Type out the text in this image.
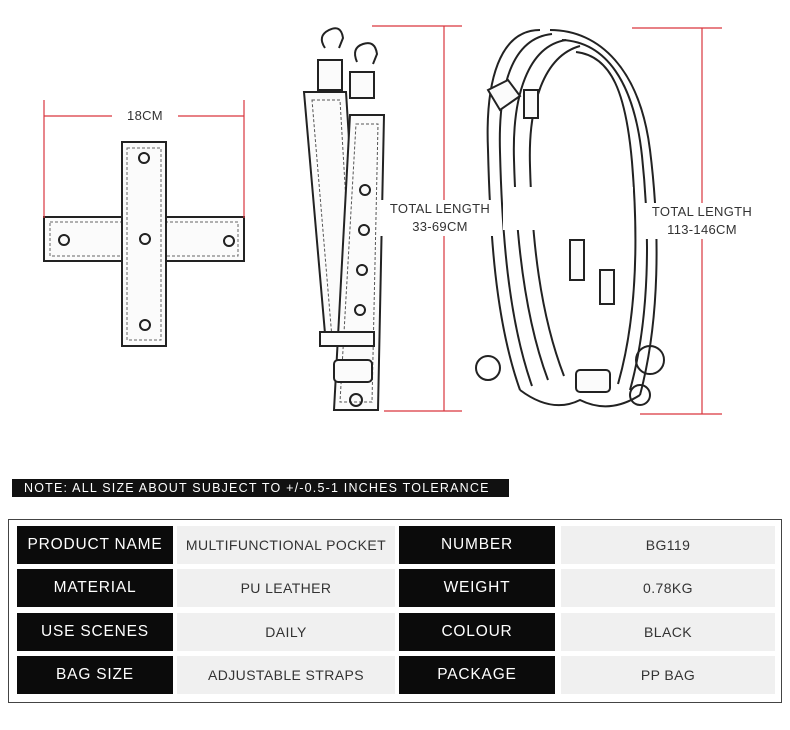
18CM
TOTAL LENGTH
33-69CM
TOTAL LENGTH
113-146CM
NOTE: ALL SIZE ABOUT SUBJECT TO +/-0.5-1 INCHES TOLERANCE
PRODUCT NAME	MULTIFUNCTIONAL POCKET	NUMBER	BG119
MATERIAL	PU LEATHER	WEIGHT	0.78KG
USE SCENES	DAILY	COLOUR	BLACK
BAG SIZE	ADJUSTABLE STRAPS	PACKAGE	PP BAG
